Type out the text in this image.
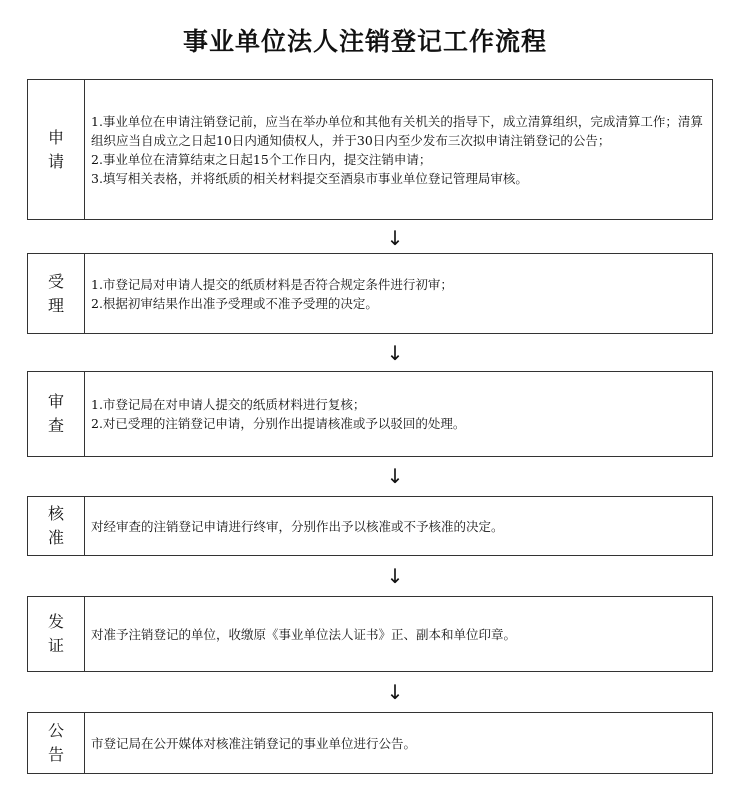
事业单位法人注销登记工作流程
申
请

1.事业单位在申请注销登记前，应当在举办单位和其他有关机关的指导下，成立清算组织，完成清算工作；清算组织应当自成立之日起10日内通知债权人，并于30日内至少发布三次拟申请注销登记的公告；

2.事业单位在清算结束之日起15个工作日内，提交注销申请；

3.填写相关表格，并将纸质的相关材料提交至酒泉市事业单位登记管理局审核。

↓
受
理

1.市登记局对申请人提交的纸质材料是否符合规定条件进行初审；

2.根据初审结果作出准予受理或不准予受理的决定。

↓
审
查

1.市登记局在对申请人提交的纸质材料进行复核；

2.对已受理的注销登记申请，分别作出提请核准或予以驳回的处理。

↓
核
准

对经审查的注销登记申请进行终审，分别作出予以核准或不予核准的决定。

↓
发
证

对准予注销登记的单位，收缴原《事业单位法人证书》正、副本和单位印章。

↓
公
告

市登记局在公开媒体对核准注销登记的事业单位进行公告。
